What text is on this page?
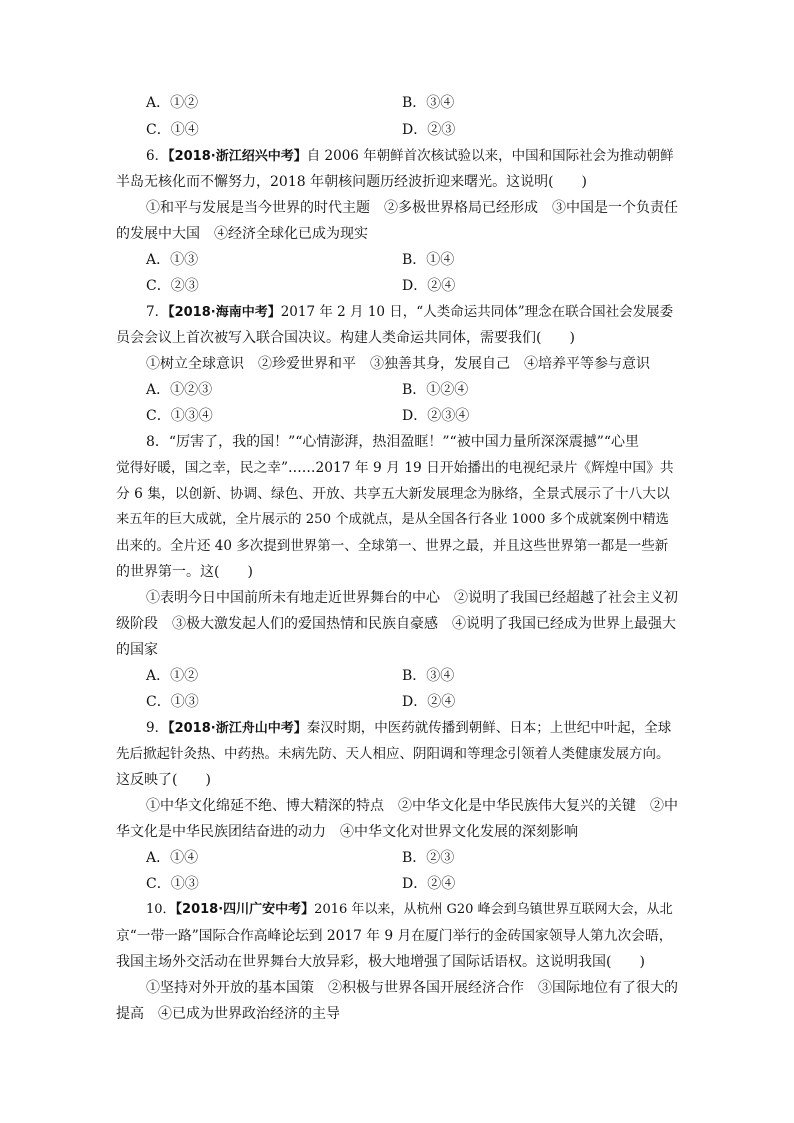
A．①②	B．③④
C．①④	D．②③
6．【2018·浙江绍兴中考】自 2006 年朝鲜首次核试验以来，中国和国际社会为推动朝鲜
半岛无核化而不懈努力，2018 年朝核问题历经波折迎来曙光。这说明(　　)
①和平与发展是当今世界的时代主题　②多极世界格局已经形成　③中国是一个负责任
的发展中大国　④经济全球化已成为现实
A．①③	B．①④
C．②③	D．②④
7．【2018·海南中考】2017 年 2 月 10 日，“人类命运共同体”理念在联合国社会发展委
员会会议上首次被写入联合国决议。构建人类命运共同体，需要我们(　　)
①树立全球意识　②珍爱世界和平　③独善其身，发展自己　④培养平等参与意识
A．①②③	B．①②④
C．①③④	D．②③④
8．“厉害了，我的国！”“心情澎湃，热泪盈眶！”“被中国力量所深深震撼”“心里
觉得好暖，国之幸，民之幸”……2017 年 9 月 19 日开始播出的电视纪录片《辉煌中国》共
分 6 集，以创新、协调、绿色、开放、共享五大新发展理念为脉络，全景式展示了十八大以
来五年的巨大成就，全片展示的 250 个成就点，是从全国各行各业 1000 多个成就案例中精选
出来的。全片还 40 多次提到世界第一、全球第一、世界之最，并且这些世界第一都是一些新
的世界第一。这(　　)
①表明今日中国前所未有地走近世界舞台的中心　②说明了我国已经超越了社会主义初
级阶段　③极大激发起人们的爱国热情和民族自豪感　④说明了我国已经成为世界上最强大
的国家
A．①②	B．③④
C．①③	D．②④
9．【2018·浙江舟山中考】秦汉时期，中医药就传播到朝鲜、日本；上世纪中叶起，全球
先后掀起针灸热、中药热。未病先防、天人相应、阴阳调和等理念引领着人类健康发展方向。
这反映了(　　)
①中华文化绵延不绝、博大精深的特点　②中华文化是中华民族伟大复兴的关键　②中
华文化是中华民族团结奋进的动力　④中华文化对世界文化发展的深刻影响
A．①④	B．②③
C．①③	D．②④
10．【2018·四川广安中考】2016 年以来，从杭州 G20 峰会到乌镇世界互联网大会，从北
京“一带一路”国际合作高峰论坛到 2017 年 9 月在厦门举行的金砖国家领导人第九次会晤，
我国主场外交活动在世界舞台大放异彩，极大地增强了国际话语权。这说明我国(　　)
①坚持对外开放的基本国策　②积极与世界各国开展经济合作　③国际地位有了很大的
提高　④已成为世界政治经济的主导
